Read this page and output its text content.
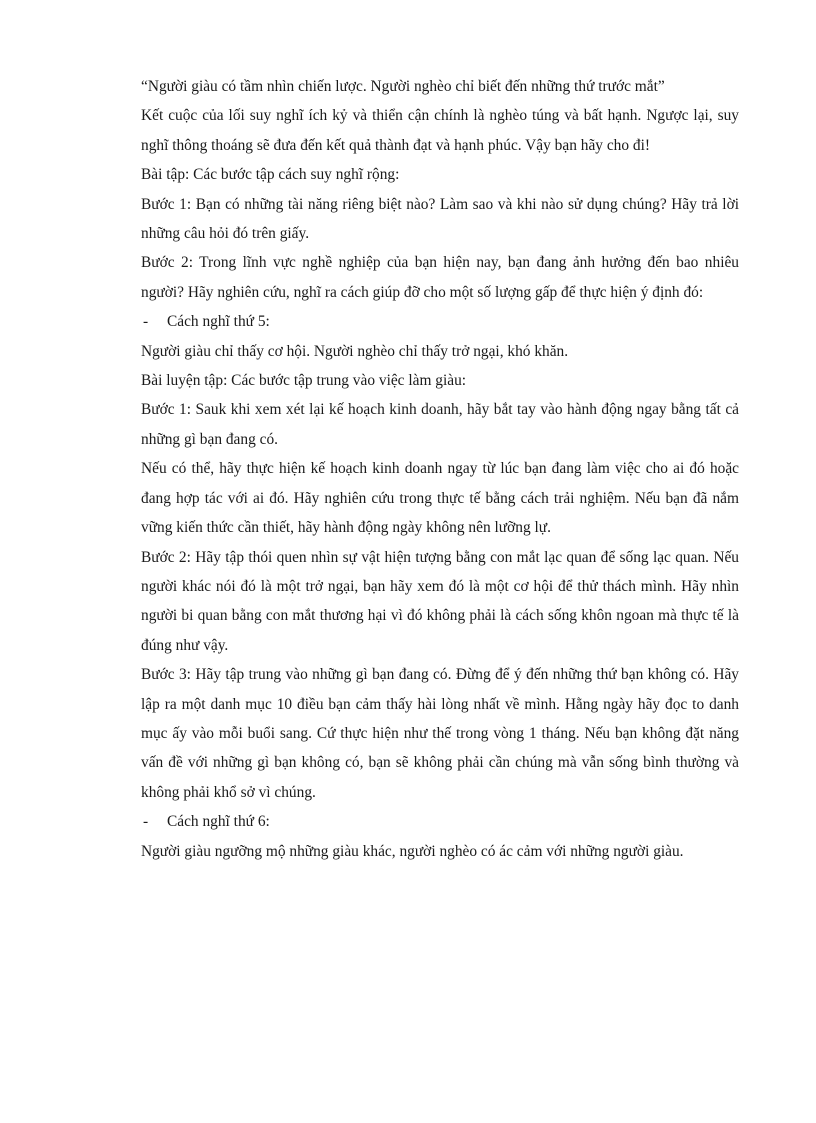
“Người giàu có tầm nhìn chiến lược. Người nghèo chỉ biết đến những thứ trước mắt”

Kết cuộc của lối suy nghĩ ích kỷ và thiển cận chính là nghèo túng và bất hạnh. Ngược lại, suy nghĩ thông thoáng sẽ đưa đến kết quả thành đạt và hạnh phúc. Vậy bạn hãy cho đi!

Bài tập: Các bước tập cách suy nghĩ rộng:

Bước 1: Bạn có những tài năng riêng biệt nào? Làm sao và khi nào sử dụng chúng? Hãy trả lời những câu hỏi đó trên giấy.

Bước 2: Trong lĩnh vực nghề nghiệp của bạn hiện nay, bạn đang ảnh hưởng đến bao nhiêu người? Hãy nghiên cứu, nghĩ ra cách giúp đỡ cho một số lượng gấp để thực hiện ý định đó:

-	Cách nghĩ thứ 5:

Người giàu chỉ thấy cơ hội. Người nghèo chỉ thấy trở ngại, khó khăn.

Bài luyện tập: Các bước tập trung vào việc làm giàu:

Bước 1: Sauk khi xem xét lại kế hoạch kinh doanh, hãy bắt tay vào hành động ngay bằng tất cả những gì bạn đang có.

Nếu có thể, hãy thực hiện kế hoạch kinh doanh ngay từ lúc bạn đang làm việc cho ai đó hoặc đang hợp tác với ai đó. Hãy nghiên cứu trong thực tế bằng cách trải nghiệm. Nếu bạn đã nắm vững kiến thức cần thiết, hãy hành động ngày không nên lưỡng lự.

Bước 2: Hãy tập thói quen nhìn sự vật hiện tượng bằng con mắt lạc quan để sống lạc quan. Nếu người khác nói đó là một trở ngại, bạn hãy xem đó là một cơ hội để thử thách mình. Hãy nhìn người bi quan bằng con mắt thương hại vì đó không phải là cách sống khôn ngoan mà thực tế là đúng như vậy.

Bước 3: Hãy tập trung vào những gì bạn đang có. Đừng để ý đến những thứ bạn không có. Hãy lập ra một danh mục 10 điều bạn cảm thấy hài lòng nhất về mình. Hằng ngày hãy đọc to danh mục ấy vào mỗi buổi sang. Cứ thực hiện như thế trong vòng 1 tháng. Nếu bạn không đặt năng vấn đề với những gì bạn không có, bạn sẽ không phải cần chúng mà vẫn sống bình thường và không phải khổ sở vì chúng.

-	Cách nghĩ thứ 6:

Người giàu ngưỡng mộ những giàu khác, người nghèo có ác cảm với những người giàu.
